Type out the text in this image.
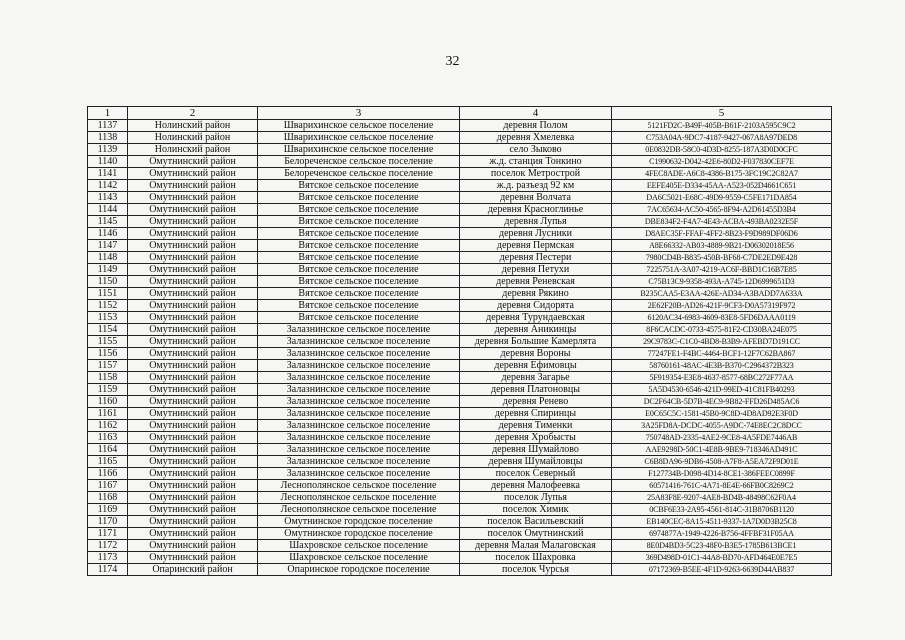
32
1	2	3	4	5
1137	Нолинский район	Шварихинское сельское поселение	деревня Полом	5121FD2C-B49F-405B-B61F-2103A595C9C2
1138	Нолинский район	Шварихинское сельское поселение	деревня Хмелевка	C753A04A-9DC7-4187-9427-067A8A97DED8
1139	Нолинский район	Шварихинское сельское поселение	село Зыково	0E0832DB-58C0-4D3D-8255-187A3D0D0CFC
1140	Омутнинский район	Белореченское сельское поселение	ж.д. станция Тонкино	C1990632-D042-42E6-80D2-F037830CEF7E
1141	Омутнинский район	Белореченское сельское поселение	поселок Метрострой	4FEC8ADE-A6C8-4386-B175-3FC19C2C82A7
1142	Омутнинский район	Вятское сельское поселение	ж.д. разъезд 92 км	EEFE405E-D334-45AA-A523-052D4661C651
1143	Омутнинский район	Вятское сельское поселение	деревня Волчата	DA6C5021-E68C-49D9-9559-C5FE171DA854
1144	Омутнинский район	Вятское сельское поселение	деревня Красноглинье	7AC65634-AC50-4565-8F94-A2D61455D3B4
1145	Омутнинский район	Вятское сельское поселение	деревня Лупья	DBE834F2-F4A7-4E43-ACBA-493BA0232E5F
1146	Омутнинский район	Вятское сельское поселение	деревня Лусники	D8AEC35F-FFAF-4FF2-8B23-F9D989DF06D6
1147	Омутнинский район	Вятское сельское поселение	деревня Пермская	A8E66332-AB03-4889-9B21-D06302018E56
1148	Омутнинский район	Вятское сельское поселение	деревня Пестери	7980CD4B-B835-450B-BF68-C7DE2ED9E428
1149	Омутнинский район	Вятское сельское поселение	деревня Петухи	7225751A-3A07-4219-AC6F-BBD1C16B7E85
1150	Омутнинский район	Вятское сельское поселение	деревня Реневская	C75B13C9-9358-493A-A745-12D6999651D3
1151	Омутнинский район	Вятское сельское поселение	деревня Рякино	B235CAA5-E3AA-426E-AD34-A3BADD7A633A
1152	Омутнинский район	Вятское сельское поселение	деревня Сидорята	2E62F20B-AD26-421F-9CF3-D0A57319F972
1153	Омутнинский район	Вятское сельское поселение	деревня Турундаевская	6120AC34-6983-4609-83E8-5FD6DAAA0119
1154	Омутнинский район	Залазнинское сельское поселение	деревня Аникинцы	8F6CACDC-0733-4575-81F2-CD30BA24E075
1155	Омутнинский район	Залазнинское сельское поселение	деревня Большие Камерлята	29C9783C-C1C0-4BD8-B3B9-AFEBD7D191CC
1156	Омутнинский район	Залазнинское сельское поселение	деревня Вороны	77247FE1-F4BC-4464-BCF1-12F7C62BA867
1157	Омутнинский район	Залазнинское сельское поселение	деревня Ефимовцы	58760161-48AC-4E3B-B370-C2964372B323
1158	Омутнинский район	Залазнинское сельское поселение	деревня Загарье	5F919354-E3E8-4637-8577-68BC272F77AA
1159	Омутнинский район	Залазнинское сельское поселение	деревня Платоновцы	5A5D4530-6546-421D-99ED-41C81FB40293
1160	Омутнинский район	Залазнинское сельское поселение	деревня Ренево	DC2F64CB-5D7B-4EC9-9B82-FFD26D485AC6
1161	Омутнинский район	Залазнинское сельское поселение	деревня Спиринцы	E0C65C5C-1581-45B0-9C8D-4D8AD92E3F0D
1162	Омутнинский район	Залазнинское сельское поселение	деревня Тименки	3A25FD8A-DCDC-4055-A9DC-74E8EC2C8DCC
1163	Омутнинский район	Залазнинское сельское поселение	деревня Хробысты	750748AD-2335-4AE2-9CE8-4A5FDE7446AB
1164	Омутнинский район	Залазнинское сельское поселение	деревня Шумайлово	AAE9298D-50C1-4E8B-9BE9-718346AD491C
1165	Омутнинский район	Залазнинское сельское поселение	деревня Шумайловцы	C6B8DA96-9DB6-4508-A7F8-A5EA72F9D01E
1166	Омутнинский район	Залазнинское сельское поселение	поселок Северный	F127734B-D098-4D14-8CE1-386FEEC0899F
1167	Омутнинский район	Леснополянское сельское поселение	деревня Малофеевка	60571416-761C-4A71-8E4E-66FB0C8269C2
1168	Омутнинский район	Леснополянское сельское поселение	поселок Лупья	25A83F8E-9207-4AE8-BD4B-48498C62F0A4
1169	Омутнинский район	Леснополянское сельское поселение	поселок Химик	0CBF6E33-2A95-4561-814C-31B8706B1120
1170	Омутнинский район	Омутнинское городское поселение	поселок Васильевский	EB140CEC-8A15-4511-9337-1A7D0D3B25C8
1171	Омутнинский район	Омутнинское городское поселение	поселок Омутнинский	6974877A-1949-4226-B756-4FFBF31F05AA
1172	Омутнинский район	Шахровское сельское поселение	деревня Малая Малаговская	8E0D4BD3-5C23-48F0-B3E5-1785B613BCE1
1173	Омутнинский район	Шахровское сельское поселение	поселок Шахровка	369D498D-01C1-44A8-BD70-AFD464E0E7E5
1174	Опаринский район	Опаринское городское поселение	поселок Чурсья	07172369-B5EE-4F1D-9263-6639D44AB837
